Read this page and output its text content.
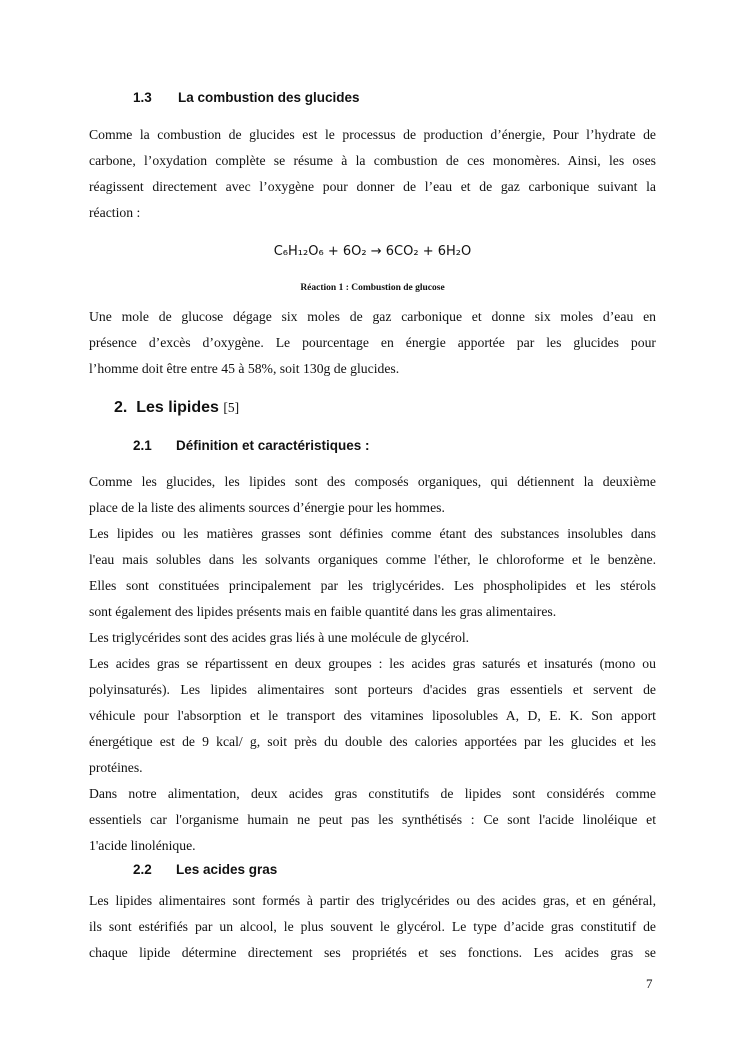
1.3 La combustion des glucides
Comme la combustion de glucides est le processus de production d’énergie, Pour l’hydrate de
carbone, l’oxydation complète se résume à la combustion de ces monomères. Ainsi, les oses
réagissent directement avec l’oxygène pour donner de l’eau et de gaz carbonique suivant la
réaction :
C₆H₁₂O₆ + 6O₂ → 6CO₂ + 6H₂O
Réaction 1 : Combustion de glucose
Une mole de glucose dégage six moles de gaz carbonique et donne six moles d’eau en
présence d’excès d’oxygène. Le pourcentage en énergie apportée par les glucides pour
l’homme doit être entre 45 à 58%, soit 130g de glucides.
2. Les lipides [5]
2.1 Définition et caractéristiques :
Comme les glucides, les lipides sont des composés organiques, qui détiennent la deuxième
place de la liste des aliments sources d’énergie pour les hommes.
Les lipides ou les matières grasses sont définies comme étant des substances insolubles dans
l'eau mais solubles dans les solvants organiques comme l'éther, le chloroforme et le benzène.
Elles sont constituées principalement par les triglycérides. Les phospholipides et les stérols
sont également des lipides présents mais en faible quantité dans les gras alimentaires.
Les triglycérides sont des acides gras liés à une molécule de glycérol.
Les acides gras se répartissent en deux groupes : les acides gras saturés et insaturés (mono ou
polyinsaturés). Les lipides alimentaires sont porteurs d'acides gras essentiels et servent de
véhicule pour l'absorption et le transport des vitamines liposolubles A, D, E. K. Son apport
énergétique est de 9 kcal/ g, soit près du double des calories apportées par les glucides et les
protéines.
Dans notre alimentation, deux acides gras constitutifs de lipides sont considérés comme
essentiels car l'organisme humain ne peut pas les synthétisés : Ce sont l'acide linoléique et
1'acide linolénique.
2.2 Les acides gras
Les lipides alimentaires sont formés à partir des triglycérides ou des acides gras, et en général,
ils sont estérifiés par un alcool, le plus souvent le glycérol. Le type d’acide gras constitutif de
chaque lipide détermine directement ses propriétés et ses fonctions. Les acides gras se
7
